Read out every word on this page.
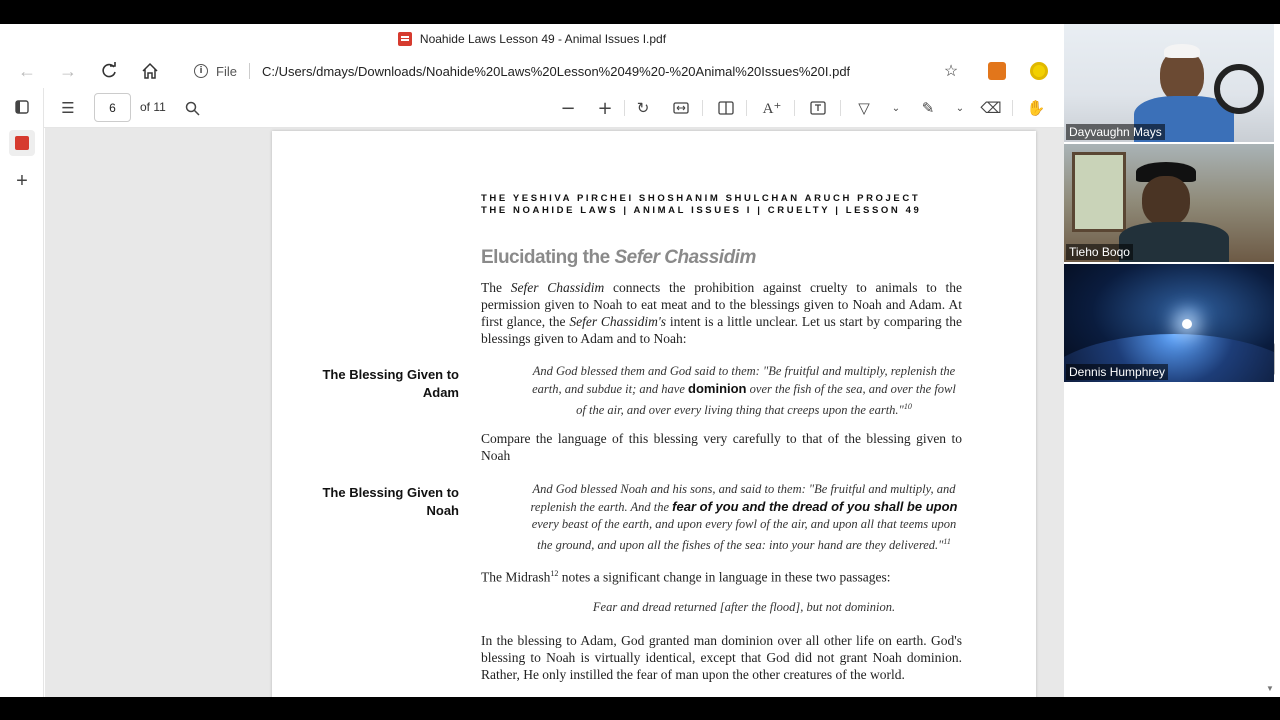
Noahide Laws Lesson 49 - Animal Issues I.pdf
←	→	i	File C:/Users/dmays/Downloads/Noahide%20Laws%20Lesson%2049%20-%20Animal%20Issues%20I.pdf	☆
+
☰	6	of 11	− +	↻	A⁺	▽	⌄	✎	⌄	⌫ ✋
THE YESHIVA PIRCHEI SHOSHANIM SHULCHAN ARUCH PROJECT
THE NOAHIDE LAWS | ANIMAL ISSUES I | CRUELTY | LESSON 49
Elucidating the Sefer Chassidim
The Sefer Chassidim connects the prohibition against cruelty to animals to the permission given to Noah to eat meat and to the blessings given to Noah and Adam. At first glance, the Sefer Chassidim's intent is a little unclear. Let us start by comparing the blessings given to Adam and to Noah:
The Blessing Given to Adam
And God blessed them and God said to them: "Be fruitful and multiply, replenish the earth, and subdue it; and have dominion over the fish of the sea, and over the fowl of the air, and over every living thing that creeps upon the earth."$^{10}$
Compare the language of this blessing very carefully to that of the blessing given to Noah
The Blessing Given to Noah
And God blessed Noah and his sons, and said to them: "Be fruitful and multiply, and replenish the earth. And the fear of you and the dread of you shall be upon every beast of the earth, and upon every fowl of the air, and upon all that teems upon the ground, and upon all the fishes of the sea: into your hand are they delivered."$^{11}$
The Midrash$^{12}$ notes a significant change in language in these two passages:
Fear and dread returned [after the flood], but not dominion.
In the blessing to Adam, God granted man dominion over all other life on earth. God's blessing to Noah is virtually identical, except that God did not grant Noah dominion. Rather, He only instilled the fear of man upon the other creatures of the world.
▼
Dayvaughn Mays
Tiehо Boqo
Dennis Humphrey
